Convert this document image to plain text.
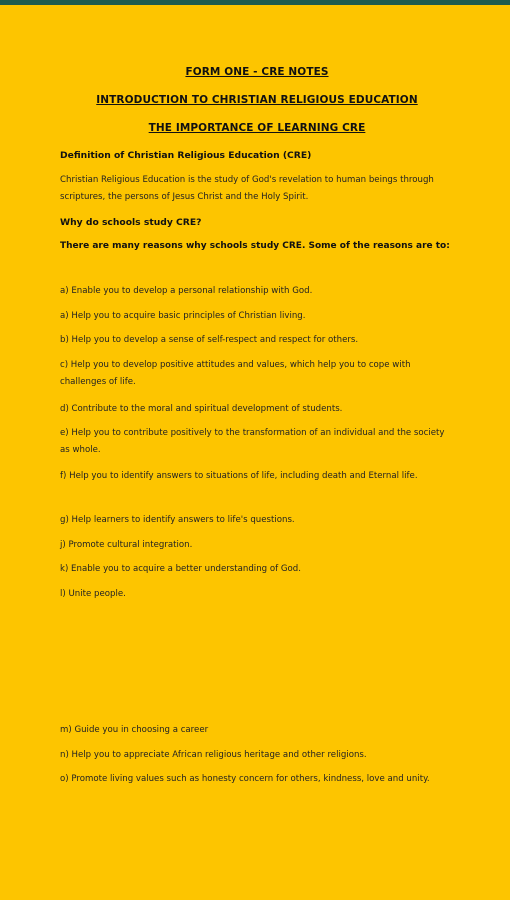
FORM ONE - CRE NOTES
INTRODUCTION TO CHRISTIAN RELIGIOUS EDUCATION
THE IMPORTANCE OF LEARNING CRE
Definition of Christian Religious Education (CRE)
Christian Religious Education is the study of God's revelation to human beings through scriptures, the persons of Jesus Christ and the Holy Spirit.
Why do schools study CRE?
There are many reasons why schools study CRE. Some of the reasons are to:
a) Enable you to develop a personal relationship with God.
a) Help you to acquire basic principles of Christian living.
b) Help you to develop a sense of self-respect and respect for others.
c) Help you to develop positive attitudes and values, which help you to cope with challenges of life.
d) Contribute to the moral and spiritual development of students.
e) Help you to contribute positively to the transformation of an individual and the society as whole.
f) Help you to identify answers to situations of life, including death and Eternal life.
g) Help learners to identify answers to life's questions.
j) Promote cultural integration.
k) Enable you to acquire a better understanding of God.
l) Unite people.
m) Guide you in choosing a career
n) Help you to appreciate African religious heritage and other religions.
o) Promote living values such as honesty concern for others, kindness, love and unity.
